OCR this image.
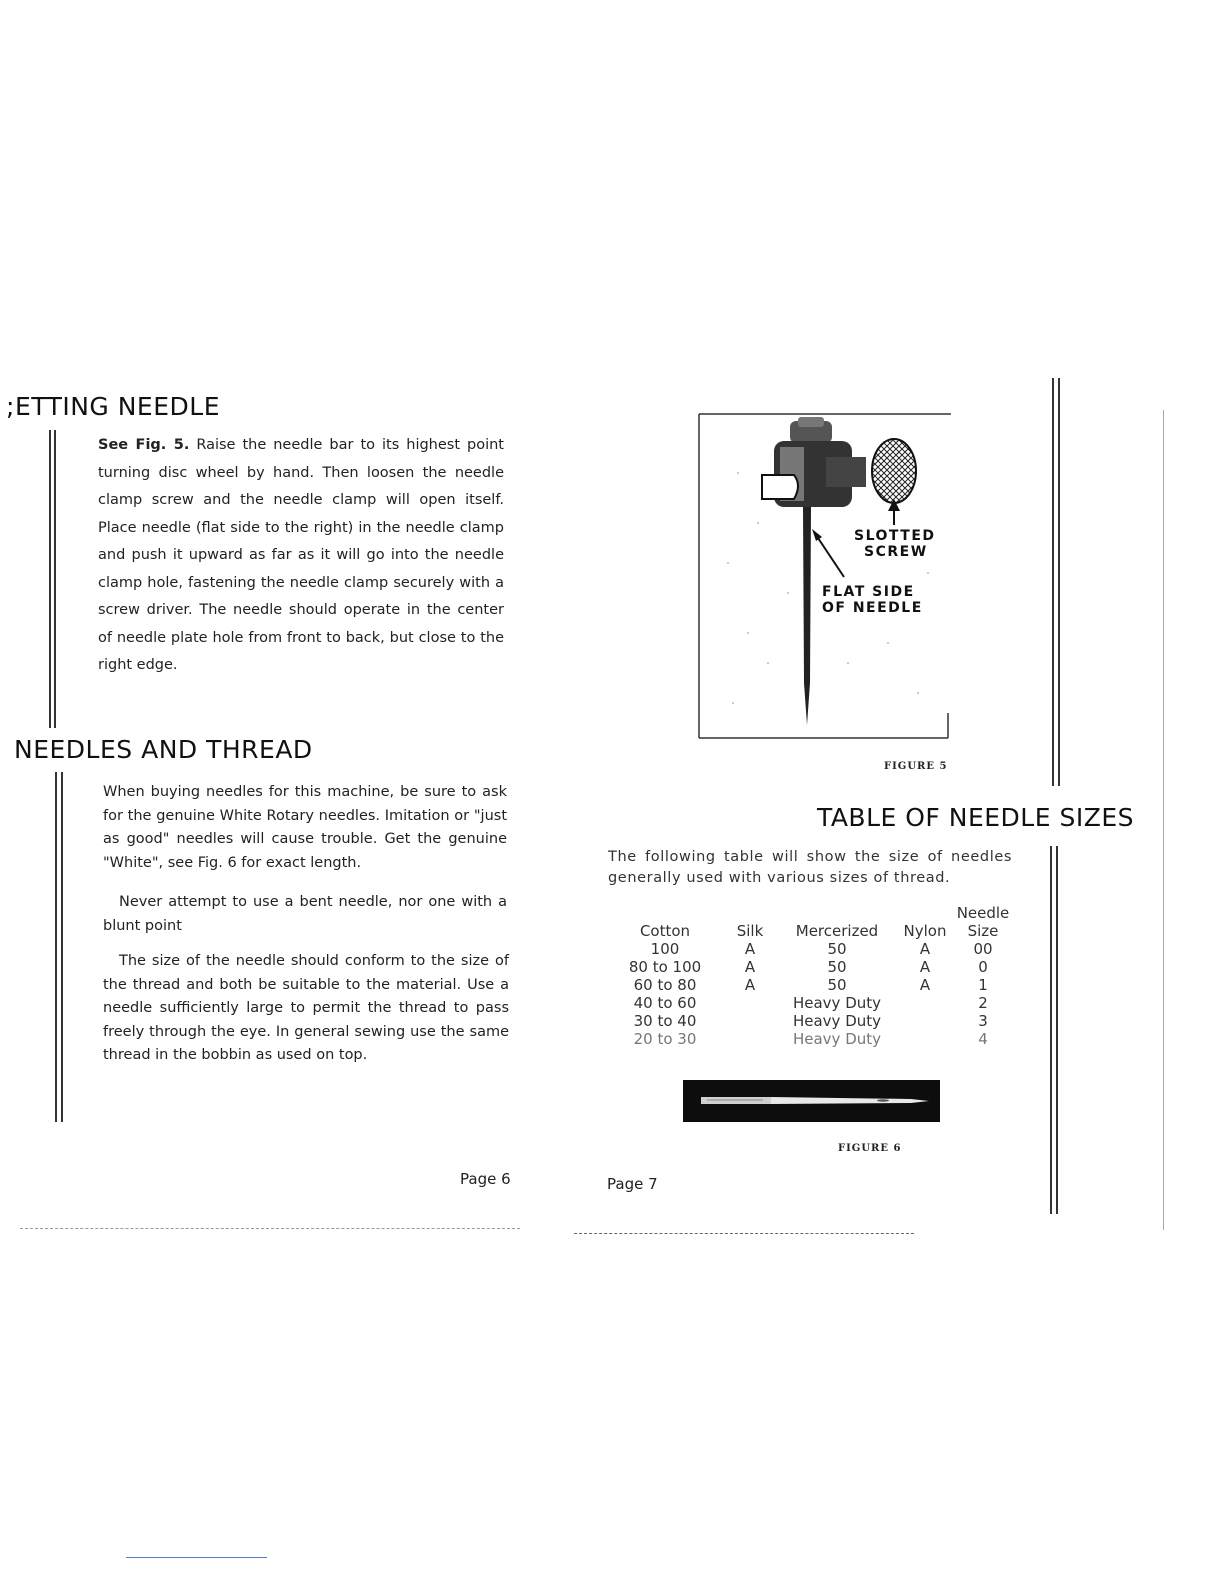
;ETTING NEEDLE
See Fig. 5. Raise the needle bar to its highest point turning disc wheel by hand. Then loosen the needle clamp screw and the needle clamp will open itself. Place needle (flat side to the right) in the needle clamp and push it upward as far as it will go into the needle clamp hole, fastening the needle clamp securely with a screw driver. The needle should operate in the center of needle plate hole from front to back, but close to the right edge.
NEEDLES AND THREAD
When buying needles for this machine, be sure to ask for the genuine White Rotary needles. Imitation or "just as good" needles will cause trouble. Get the genuine "White", see Fig. 6 for exact length.
Never attempt to use a bent needle, nor one with a blunt point
The size of the needle should conform to the size of the thread and both be suitable to the material. Use a needle sufficiently large to permit the thread to pass freely through the eye. In general sewing use the same thread in the bobbin as used on top.
Page 6
SLOTTED
SCREW
FLAT SIDE
OF NEEDLE
FIGURE 5
TABLE OF NEEDLE SIZES
The following table will show the size of needles generally used with various sizes of thread.
Cotton	Silk	Mercerized	Nylon	Needle Size
100	A	50	A	00
80 to 100	A	50	A	0
60 to 80	A	50	A	1
40 to 60		Heavy Duty		2
30 to 40		Heavy Duty		3
20 to 30		Heavy Duty		4
FIGURE 6
Page 7
